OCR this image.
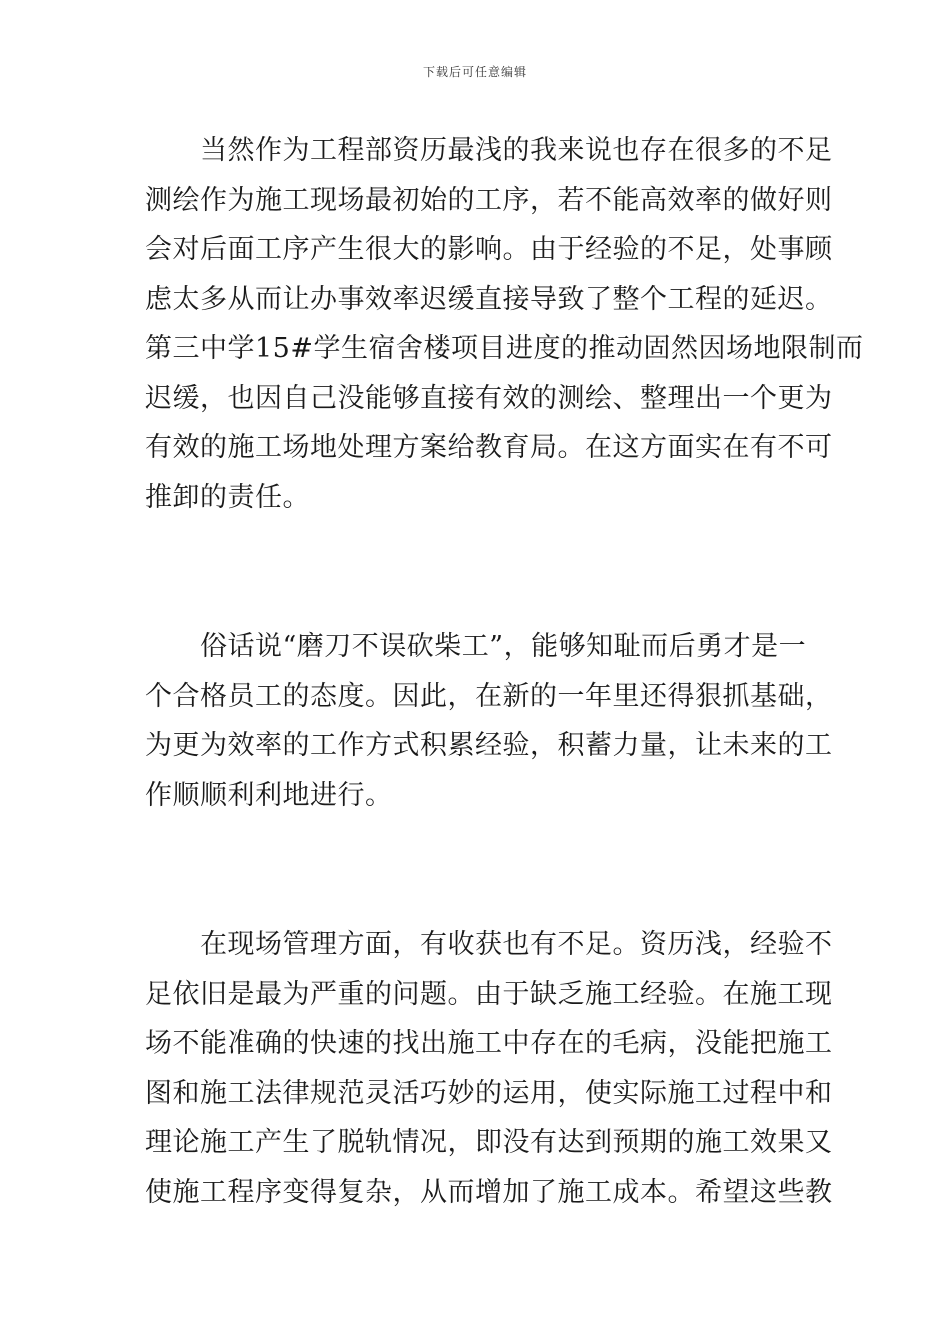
下载后可任意编辑
　　当然作为工程部资历最浅的我来说也存在很多的不足
测绘作为施工现场最初始的工序，若不能高效率的做好则
会对后面工序产生很大的影响。由于经验的不足，处事顾
虑太多从而让办事效率迟缓直接导致了整个工程的延迟。
第三中学15#学生宿舍楼项目进度的推动固然因场地限制而
迟缓，也因自己没能够直接有效的测绘、整理出一个更为
有效的施工场地处理方案给教育局。在这方面实在有不可
推卸的责任。
　　俗话说“磨刀不误砍柴工”，能够知耻而后勇才是一
个合格员工的态度。因此，在新的一年里还得狠抓基础，
为更为效率的工作方式积累经验，积蓄力量，让未来的工
作顺顺利利地进行。
　　在现场管理方面，有收获也有不足。资历浅，经验不
足依旧是最为严重的问题。由于缺乏施工经验。在施工现
场不能准确的快速的找出施工中存在的毛病，没能把施工
图和施工法律规范灵活巧妙的运用，使实际施工过程中和
理论施工产生了脱轨情况，即没有达到预期的施工效果又
使施工程序变得复杂，从而增加了施工成本。希望这些教
